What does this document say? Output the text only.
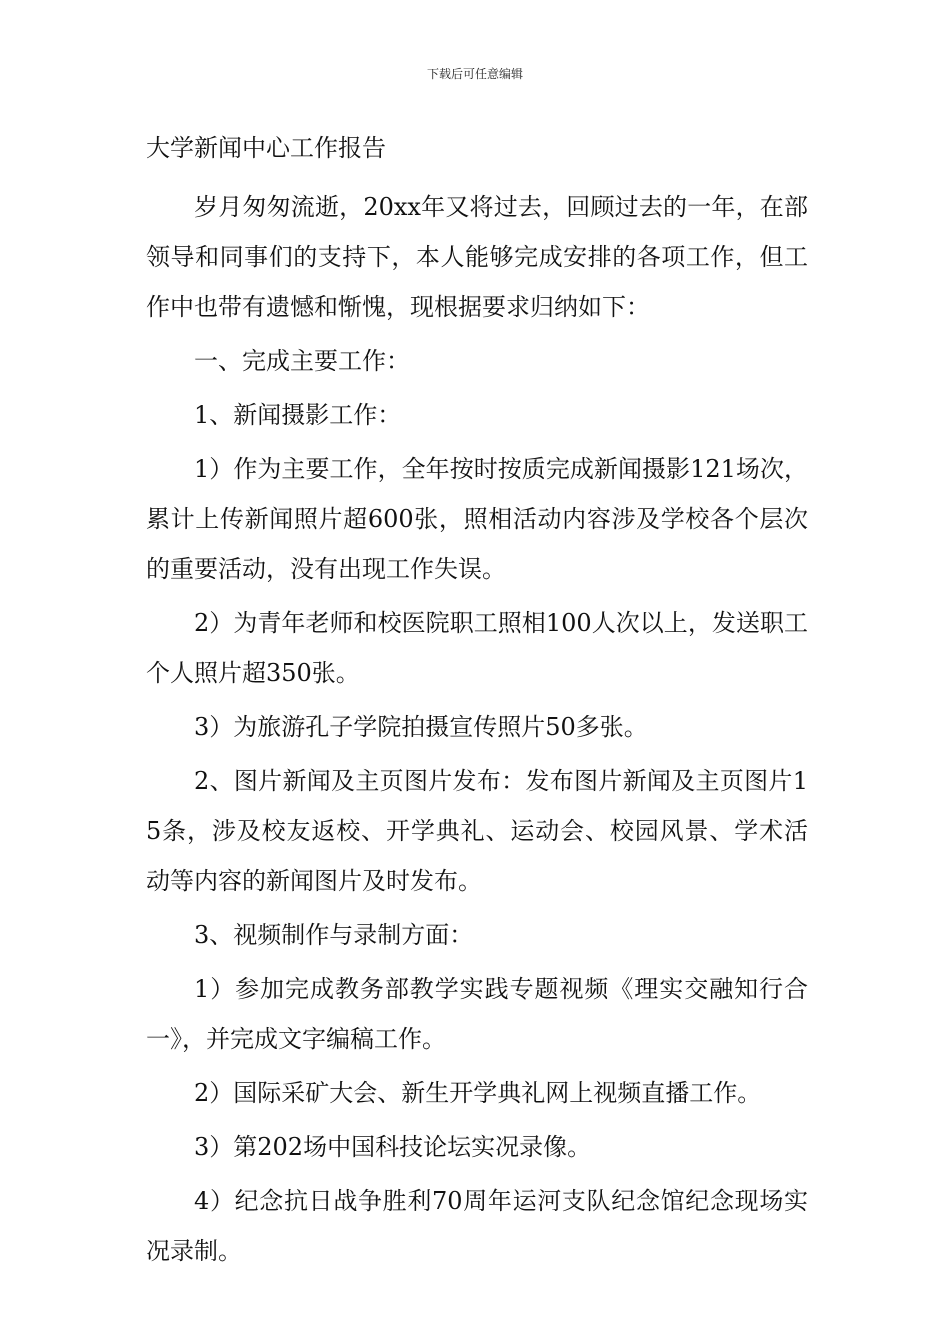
下载后可任意编辑
大学新闻中心工作报告

岁月匆匆流逝，20xx年又将过去，回顾过去的一年，在部领导和同事们的支持下，本人能够完成安排的各项工作，但工作中也带有遗憾和惭愧，现根据要求归纳如下：

一、完成主要工作：

1、新闻摄影工作：

1）作为主要工作，全年按时按质完成新闻摄影121场次，累计上传新闻照片超600张，照相活动内容涉及学校各个层次的重要活动，没有出现工作失误。

2）为青年老师和校医院职工照相100人次以上，发送职工个人照片超350张。

3）为旅游孔子学院拍摄宣传照片50多张。

2、图片新闻及主页图片发布：发布图片新闻及主页图片15条，涉及校友返校、开学典礼、运动会、校园风景、学术活动等内容的新闻图片及时发布。

3、视频制作与录制方面：

1）参加完成教务部教学实践专题视频《理实交融知行合一》，并完成文字编稿工作。

2）国际采矿大会、新生开学典礼网上视频直播工作。

3）第202场中国科技论坛实况录像。

4）纪念抗日战争胜利70周年运河支队纪念馆纪念现场实况录制。
